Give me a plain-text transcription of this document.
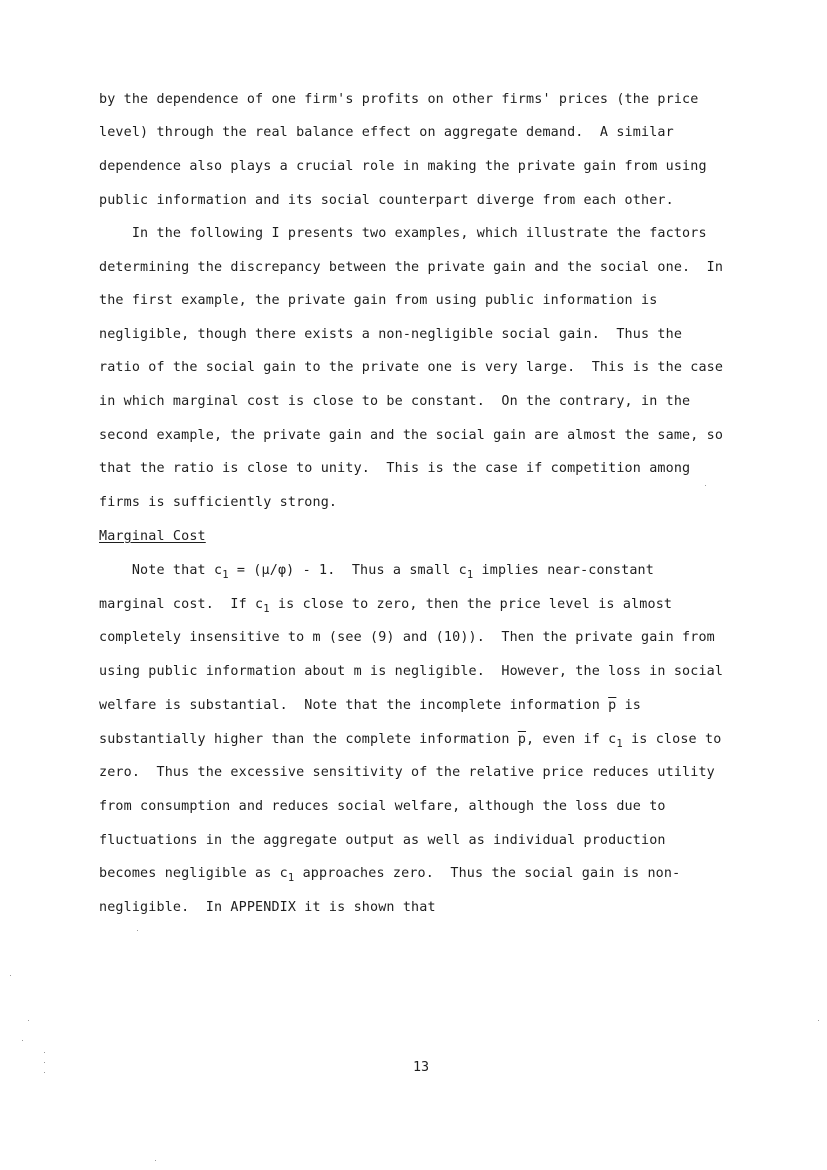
by the dependence of one firm's profits on other firms' prices (the price
level) through the real balance effect on aggregate demand.  A similar
dependence also plays a crucial role in making the private gain from using
public information and its social counterpart diverge from each other.
In the following I presents two examples, which illustrate the factors
determining the discrepancy between the private gain and the social one.  In
the first example, the private gain from using public information is
negligible, though there exists a non-negligible social gain.  Thus the
ratio of the social gain to the private one is very large.  This is the case
in which marginal cost is close to be constant.  On the contrary, in the
second example, the private gain and the social gain are almost the same, so
that the ratio is close to unity.  This is the case if competition among
firms is sufficiently strong.
Marginal Cost
Note that $c_1 = (\mu/\varphi) - 1$.  Thus a small $c_1$ implies near-constant
marginal cost.  If $c_1$ is close to zero, then the price level is almost
completely insensitive to m (see (9) and (10)).  Then the private gain from
using public information about m is negligible.  However, the loss in social
welfare is substantial.  Note that the incomplete information $\overline{p}$ is
substantially higher than the complete information $\overline{p}$, even if $c_1$ is close to
zero.  Thus the excessive sensitivity of the relative price reduces utility
from consumption and reduces social welfare, although the loss due to
fluctuations in the aggregate output as well as individual production
becomes negligible as $c_1$ approaches zero.  Thus the social gain is non-
negligible.  In APPENDIX it is shown that
13
